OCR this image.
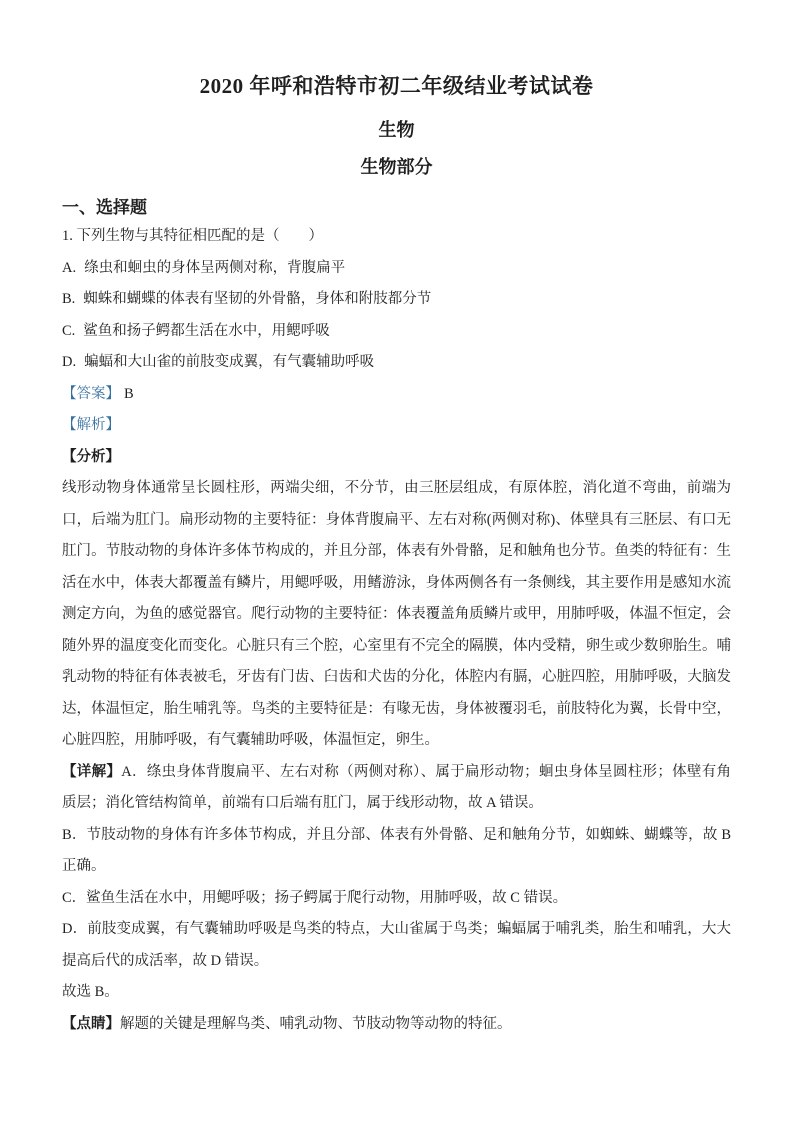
2020 年呼和浩特市初二年级结业考试试卷
生物
生物部分
一、选择题

1. 下列生物与其特征相匹配的是（　　）

A. 绦虫和蛔虫的身体呈两侧对称，背腹扁平

B. 蜘蛛和蝴蝶的体表有坚韧的外骨骼，身体和附肢都分节

C. 鲨鱼和扬子鳄都生活在水中，用鳃呼吸

D. 蝙蝠和大山雀的前肢变成翼，有气囊辅助呼吸

【答案】 B

【解析】

【分析】

线形动物身体通常呈长圆柱形，两端尖细，不分节，由三胚层组成，有原体腔，消化道不弯曲，前端为口，后端为肛门。扁形动物的主要特征：身体背腹扁平、左右对称(两侧对称)、体壁具有三胚层、有口无肛门。节肢动物的身体许多体节构成的，并且分部，体表有外骨骼，足和触角也分节。鱼类的特征有：生活在水中，体表大都覆盖有鳞片，用鳃呼吸，用鳍游泳，身体两侧各有一条侧线，其主要作用是感知水流测定方向，为鱼的感觉器官。爬行动物的主要特征：体表覆盖角质鳞片或甲，用肺呼吸，体温不恒定，会随外界的温度变化而变化。心脏只有三个腔，心室里有不完全的隔膜，体内受精，卵生或少数卵胎生。哺乳动物的特征有体表被毛，牙齿有门齿、臼齿和犬齿的分化，体腔内有膈，心脏四腔，用肺呼吸，大脑发达，体温恒定，胎生哺乳等。鸟类的主要特征是：有喙无齿，身体被覆羽毛，前肢特化为翼，长骨中空，心脏四腔，用肺呼吸，有气囊辅助呼吸，体温恒定，卵生。

【详解】A．绦虫身体背腹扁平、左右对称（两侧对称）、属于扁形动物；蛔虫身体呈圆柱形；体壁有角质层；消化管结构简单，前端有口后端有肛门，属于线形动物，故 A 错误。

B．节肢动物的身体有许多体节构成，并且分部、体表有外骨骼、足和触角分节，如蜘蛛、蝴蝶等，故 B 正确。

C．鲨鱼生活在水中，用鳃呼吸；扬子鳄属于爬行动物，用肺呼吸，故 C 错误。

D．前肢变成翼，有气囊辅助呼吸是鸟类的特点，大山雀属于鸟类；蝙蝠属于哺乳类，胎生和哺乳，大大提高后代的成活率，故 D 错误。

故选 B。

【点睛】解题的关键是理解鸟类、哺乳动物、节肢动物等动物的特征。
